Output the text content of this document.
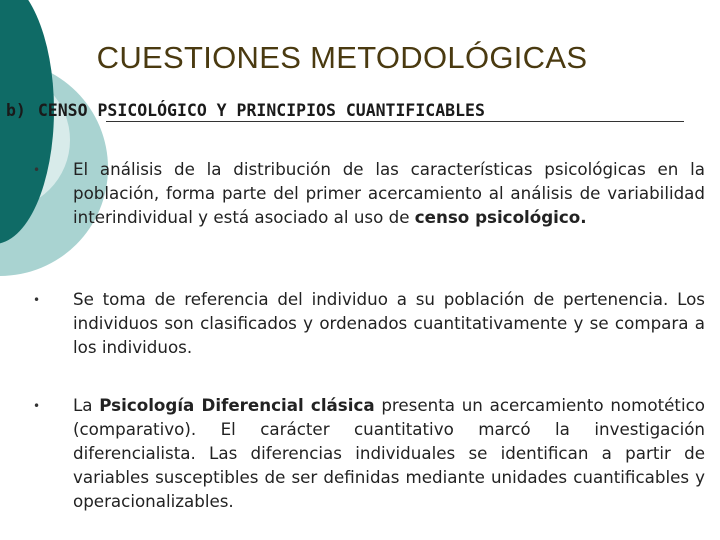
CUESTIONES METODOLÓGICAS
b) CENSO PSICOLÓGICO Y PRINCIPIOS CUANTIFICABLES
• El análisis de la distribución de las características psicológicas en la población, forma parte del primer acercamiento al análisis de variabilidad interindividual y está asociado al uso de censo psicológico.
• Se toma de referencia del individuo a su población de pertenencia. Los individuos son clasificados y ordenados cuantitativamente y se compara a los individuos.
• La Psicología Diferencial clásica presenta un acercamiento nomotético (comparativo). El carácter cuantitativo marcó la investigación diferencialista. Las diferencias individuales se identifican a partir de variables susceptibles de ser definidas mediante unidades cuantificables y operacionalizables.
